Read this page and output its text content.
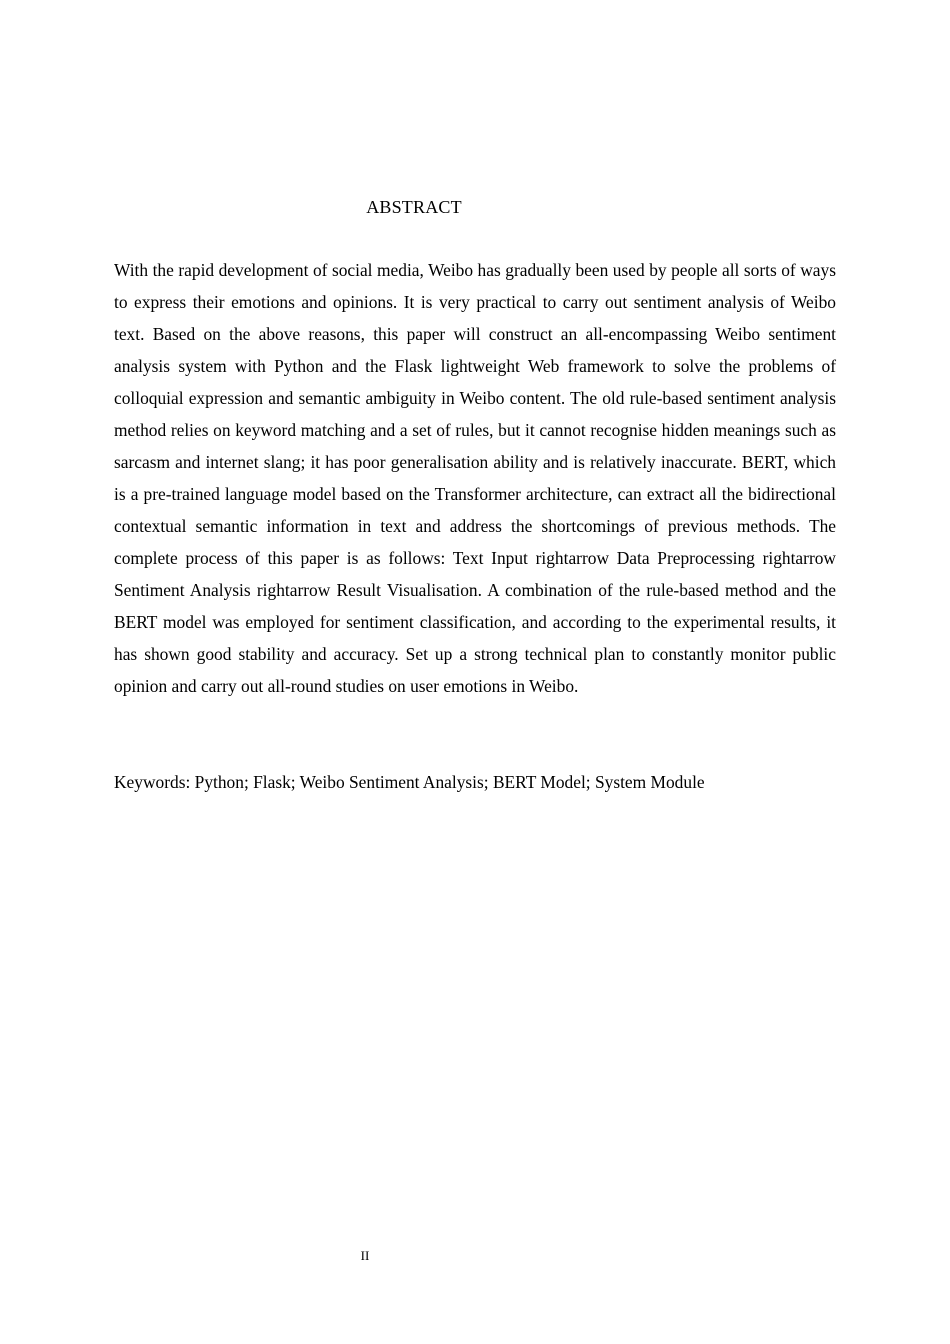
ABSTRACT

With the rapid development of social media, Weibo has gradually been used by people all sorts of ways to express their emotions and opinions. It is very practical to carry out sentiment analysis of Weibo text. Based on the above reasons, this paper will construct an all-encompassing Weibo sentiment analysis system with Python and the Flask lightweight Web framework to solve the problems of colloquial expression and semantic ambiguity in Weibo content. The old rule-based sentiment analysis method relies on keyword matching and a set of rules, but it cannot recognise hidden meanings such as sarcasm and internet slang; it has poor generalisation ability and is relatively inaccurate. BERT, which is a pre-trained language model based on the Transformer architecture, can extract all the bidirectional contextual semantic information in text and address the shortcomings of previous methods. The complete process of this paper is as follows: Text Input rightarrow Data Preprocessing rightarrow Sentiment Analysis rightarrow Result Visualisation. A combination of the rule-based method and the BERT model was employed for sentiment classification, and according to the experimental results, it has shown good stability and accuracy. Set up a strong technical plan to constantly monitor public opinion and carry out all-round studies on user emotions in Weibo.

Keywords: Python; Flask; Weibo Sentiment Analysis; BERT Model; System Module

II
